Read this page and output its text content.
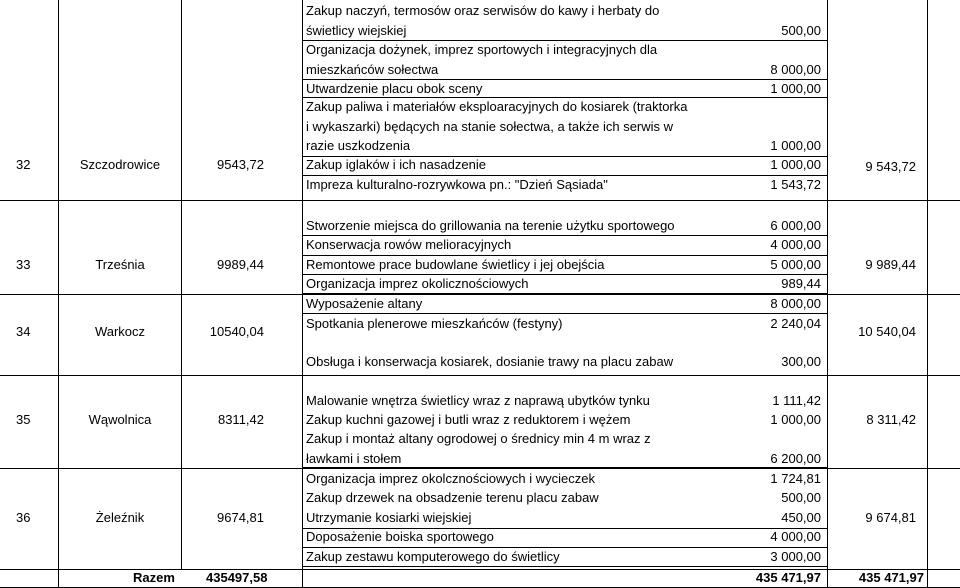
32	Szczodrowice	9543,72	9 543,72
Zakup naczyń, termosów oraz serwisów do kawy i herbaty do
świetlicy wiejskiej	500,00
Organizacja dożynek, imprez sportowych i integracyjnych dla
mieszkańców sołectwa	8 000,00
Utwardzenie placu obok sceny	1 000,00
Zakup paliwa i materiałów eksploaracyjnych do kosiarek (traktorka
i wykaszarki) będących na stanie sołectwa, a także ich serwis w
razie uszkodzenia	1 000,00
Zakup iglaków i ich nasadzenie	1 000,00
Impreza kulturalno-rozrywkowa pn.: "Dzień Sąsiada"	1 543,72
33	Trześnia	9989,44	9 989,44
Stworzenie miejsca do grillowania na terenie użytku sportowego	6 000,00
Konserwacja rowów melioracyjnych	4 000,00
Remontowe prace budowlane świetlicy i jej obejścia	5 000,00
Organizacja imprez okolicznościowych	989,44
34	Warkocz	10540,04	10 540,04
Wyposażenie altany	8 000,00
Spotkania plenerowe mieszkańców (festyny)	2 240,04
Obsługa i konserwacja kosiarek, dosianie trawy na placu zabaw	300,00
35	Wąwolnica	8311,42	8 311,42
Malowanie wnętrza świetlicy wraz z naprawą ubytków tynku	1 111,42
Zakup kuchni gazowej i butli wraz z reduktorem i wężem	1 000,00
Zakup i montaż altany ogrodowej o średnicy min 4 m wraz z
ławkami i stołem	6 200,00
36	Żeleźnik	9674,81	9 674,81
Organizacja imprez okolcznościowych i wycieczek	1 724,81
Zakup drzewek na obsadzenie terenu placu zabaw	500,00
Utrzymanie kosiarki wiejskiej	450,00
Doposażenie boiska sportowego	4 000,00
Zakup zestawu komputerowego do świetlicy	3 000,00
Razem 435497,58	435 471,97	435 471,97
